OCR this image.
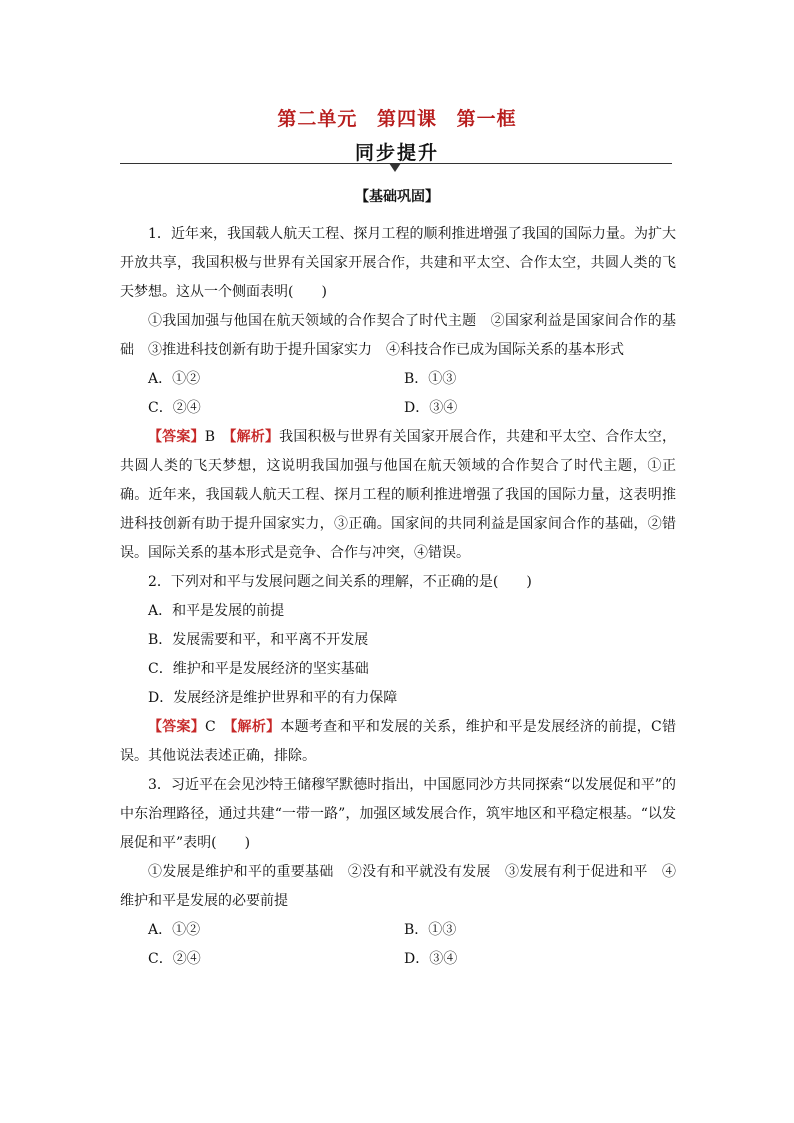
第二单元 第四课 第一框
同步提升
【基础巩固】

1．近年来，我国载人航天工程、探月工程的顺利推进增强了我国的国际力量。为扩大开放共享，我国积极与世界有关国家开展合作，共建和平太空、合作太空，共圆人类的飞天梦想。这从一个侧面表明(　　)

①我国加强与他国在航天领域的合作契合了时代主题　②国家利益是国家间合作的基础　③推进科技创新有助于提升国家实力　④科技合作已成为国际关系的基本形式

A．①②	B．①③
C．②④	D．③④

【答案】B　 【解析】我国积极与世界有关国家开展合作，共建和平太空、合作太空，共圆人类的飞天梦想，这说明我国加强与他国在航天领域的合作契合了时代主题，①正确。近年来，我国载人航天工程、探月工程的顺利推进增强了我国的国际力量，这表明推进科技创新有助于提升国家实力，③正确。国家间的共同利益是国家间合作的基础，②错误。国际关系的基本形式是竞争、合作与冲突，④错误。

2．下列对和平与发展问题之间关系的理解，不正确的是(　　)

A．和平是发展的前提

B．发展需要和平，和平离不开发展

C．维护和平是发展经济的坚实基础

D．发展经济是维护世界和平的有力保障

【答案】C　 【解析】本题考查和平和发展的关系，维护和平是发展经济的前提，C错误。其他说法表述正确，排除。

3．习近平在会见沙特王储穆罕默德时指出，中国愿同沙方共同探索“以发展促和平”的中东治理路径，通过共建“一带一路”，加强区域发展合作，筑牢地区和平稳定根基。“以发展促和平”表明(　　)

①发展是维护和平的重要基础　②没有和平就没有发展　③发展有利于促进和平　④维护和平是发展的必要前提

A．①②	B．①③
C．②④	D．③④
